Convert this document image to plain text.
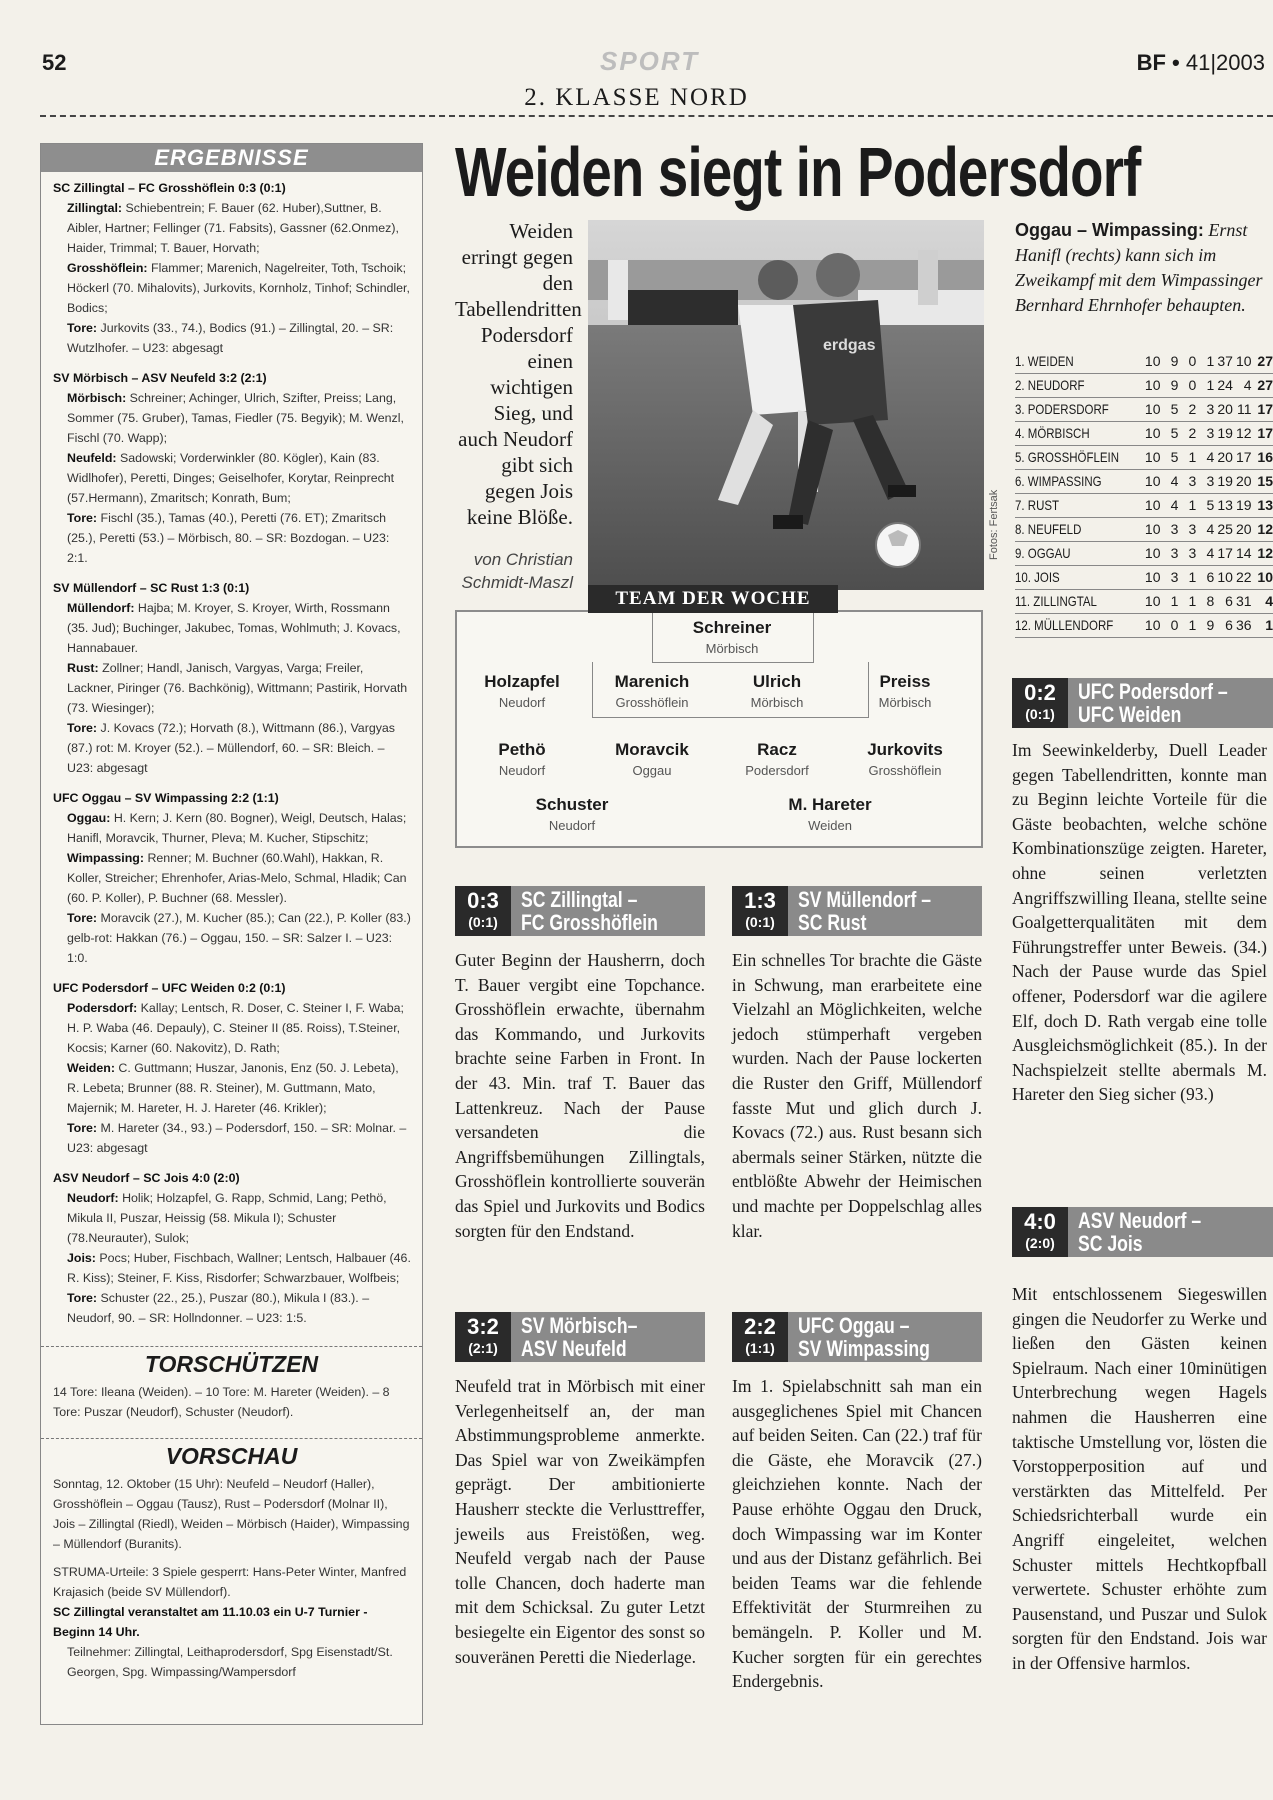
52	SPORT	BF • 41|2003
2. KLASSE NORD
ERGEBNISSE
SC Zillingtal – FC Grosshöflein 0:3 (0:1)
Zillingtal: Schiebentrein; F. Bauer (62. Huber),Suttner, B. Aibler, Hartner; Fellinger (71. Fabsits), Gassner (62.Onmez), Haider, Trimmal; T. Bauer, Horvath;
Grosshöflein: Flammer; Marenich, Nagelreiter, Toth, Tschoik; Höckerl (70. Mihalovits), Jurkovits, Kornholz, Tinhof; Schindler, Bodics;
Tore: Jurkovits (33., 74.), Bodics (91.) – Zillingtal, 20. – SR: Wutzlhofer. – U23: abgesagt
SV Mörbisch – ASV Neufeld 3:2 (2:1)
Mörbisch: Schreiner; Achinger, Ulrich, Szifter, Preiss; Lang, Sommer (75. Gruber), Tamas, Fiedler (75. Begyik); M. Wenzl, Fischl (70. Wapp);
Neufeld: Sadowski; Vorderwinkler (80. Kögler), Kain (83. Widlhofer), Peretti, Dinges; Geiselhofer, Korytar, Reinprecht (57.Hermann), Zmaritsch; Konrath, Bum;
Tore: Fischl (35.), Tamas (40.), Peretti (76. ET); Zmaritsch (25.), Peretti (53.) – Mörbisch, 80. – SR: Bozdogan. – U23: 2:1.
SV Müllendorf – SC Rust 1:3 (0:1)
Müllendorf: Hajba; M. Kroyer, S. Kroyer, Wirth, Rossmann (35. Jud); Buchinger, Jakubec, Tomas, Wohlmuth; J. Kovacs, Hannabauer.
Rust: Zollner; Handl, Janisch, Vargyas, Varga; Freiler, Lackner, Piringer (76. Bachkönig), Wittmann; Pastirik, Horvath (73. Wiesinger);
Tore: J. Kovacs (72.); Horvath (8.), Wittmann (86.), Vargyas (87.) rot: M. Kroyer (52.). – Müllendorf, 60. – SR: Bleich. – U23: abgesagt
UFC Oggau – SV Wimpassing 2:2 (1:1)
Oggau: H. Kern; J. Kern (80. Bogner), Weigl, Deutsch, Halas; Hanifl, Moravcik, Thurner, Pleva; M. Kucher, Stipschitz;
Wimpassing: Renner; M. Buchner (60.Wahl), Hakkan, R. Koller, Streicher; Ehrenhofer, Arias-Melo, Schmal, Hladik; Can (60. P. Koller), P. Buchner (68. Messler).
Tore: Moravcik (27.), M. Kucher (85.); Can (22.), P. Koller (83.) gelb-rot: Hakkan (76.) – Oggau, 150. – SR: Salzer I. – U23: 1:0.
UFC Podersdorf – UFC Weiden 0:2 (0:1)
Podersdorf: Kallay; Lentsch, R. Doser, C. Steiner I, F. Waba; H. P. Waba (46. Depauly), C. Steiner II (85. Roiss), T.Steiner, Kocsis; Karner (60. Nakovitz), D. Rath;
Weiden: C. Guttmann; Huszar, Janonis, Enz (50. J. Lebeta), R. Lebeta; Brunner (88. R. Steiner), M. Guttmann, Mato, Majernik; M. Hareter, H. J. Hareter (46. Krikler);
Tore: M. Hareter (34., 93.) – Podersdorf, 150. – SR: Molnar. – U23: abgesagt
ASV Neudorf – SC Jois 4:0 (2:0)
Neudorf: Holik; Holzapfel, G. Rapp, Schmid, Lang; Pethö, Mikula II, Puszar, Heissig (58. Mikula I); Schuster (78.Neurauter), Sulok;
Jois: Pocs; Huber, Fischbach, Wallner; Lentsch, Halbauer (46. R. Kiss); Steiner, F. Kiss, Risdorfer; Schwarzbauer, Wolfbeis;
Tore: Schuster (22., 25.), Puszar (80.), Mikula I (83.). – Neudorf, 90. – SR: Hollndonner. – U23: 1:5.
TORSCHÜTZEN

14 Tore: Ileana (Weiden). – 10 Tore: M. Hareter (Weiden). – 8 Tore: Puszar (Neudorf), Schuster (Neudorf).

VORSCHAU

Sonntag, 12. Oktober (15 Uhr): Neufeld – Neudorf (Haller), Grosshöflein – Oggau (Tausz), Rust – Podersdorf (Molnar II), Jois – Zillingtal (Riedl), Weiden – Mörbisch (Haider), Wimpassing – Müllendorf (Buranits).

STRUMA-Urteile: 3 Spiele gesperrt: Hans-Peter Winter, Manfred Krajasich (beide SV Müllendorf).

SC Zillingtal veranstaltet am 11.10.03 ein U-7 Turnier - Beginn 14 Uhr.

Teilnehmer: Zillingtal, Leithaprodersdorf, Spg Eisenstadt/St. Georgen, Spg. Wimpassing/Wampersdorf

Weiden siegt in Podersdorf
Weiden erringt gegen den Tabellendritten Podersdorf einen wichtigen Sieg, und auch Neudorf gibt sich gegen Jois keine Blöße.
von Christian Schmidt-Maszl
erdgas
Fotos: Fertsak
Schreiner
Mörbisch
Holzapfel
Neudorf
Marenich
Grosshöflein
Ulrich
Mörbisch
Preiss
Mörbisch
Pethö
Neudorf
Moravcik
Oggau
Racz
Podersdorf
Jurkovits
Grosshöflein
Schuster
Neudorf
M. Hareter
Weiden
TEAM DER WOCHE
0:3
(0:1)
SC Zillingtal –
FC Grosshöflein
Guter Beginn der Hausherrn, doch T. Bauer vergibt eine Topchance. Grosshöflein erwachte, übernahm das Kommando, und Jurkovits brachte seine Farben in Front. In der 43. Min. traf T. Bauer das Lattenkreuz. Nach der Pause versandeten die Angriffsbemühungen Zillingtals, Grosshöflein kontrollierte souverän das Spiel und Jurkovits und Bodics sorgten für den Endstand.
1:3
(0:1)
SV Müllendorf –
SC Rust
Ein schnelles Tor brachte die Gäste in Schwung, man erarbeitete eine Vielzahl an Möglichkeiten, welche jedoch stümperhaft vergeben wurden. Nach der Pause lockerten die Ruster den Griff, Müllendorf fasste Mut und glich durch J. Kovacs (72.) aus. Rust besann sich abermals seiner Stärken, nützte die entblößte Abwehr der Heimischen und machte per Doppelschlag alles klar.
3:2
(2:1)
SV Mörbisch–
ASV Neufeld
Neufeld trat in Mörbisch mit einer Verlegenheitself an, der man Abstimmungsprobleme anmerkte. Das Spiel war von Zweikämpfen geprägt. Der ambitionierte Hausherr steckte die Verlusttreffer, jeweils aus Freistößen, weg. Neufeld vergab nach der Pause tolle Chancen, doch haderte man mit dem Schicksal. Zu guter Letzt besiegelte ein Eigentor des sonst so souveränen Peretti die Niederlage.
2:2
(1:1)
UFC Oggau –
SV Wimpassing
Im 1. Spielabschnitt sah man ein ausgeglichenes Spiel mit Chancen auf beiden Seiten. Can (22.) traf für die Gäste, ehe Moravcik (27.) gleichziehen konnte. Nach der Pause erhöhte Oggau den Druck, doch Wimpassing war im Konter und aus der Distanz gefährlich. Bei beiden Teams war die fehlende Effektivität der Sturmreihen zu bemängeln. P. Koller und M. Kucher sorgten für ein gerechtes Endergebnis.
Oggau – Wimpassing: Ernst Hanifl (rechts) kann sich im Zweikampf mit dem Wimpassinger Bernhard Ehrnhofer behaupten.
1. WEIDEN	10	9	0	1	37	10	27
2. NEUDORF	10	9	0	1	24	4	27
3. PODERSDORF	10	5	2	3	20	11	17
4. MÖRBISCH	10	5	2	3	19	12	17
5. GROSSHÖFLEIN	10	5	1	4	20	17	16
6. WIMPASSING	10	4	3	3	19	20	15
7. RUST	10	4	1	5	13	19	13
8. NEUFELD	10	3	3	4	25	20	12
9. OGGAU	10	3	3	4	17	14	12
10. JOIS	10	3	1	6	10	22	10
11. ZILLINGTAL	10	1	1	8	6	31	4
12. MÜLLENDORF	10	0	1	9	6	36	1
0:2
(0:1)
UFC Podersdorf –
UFC Weiden
Im Seewinkelderby, Duell Leader gegen Tabellendritten, konnte man zu Beginn leichte Vorteile für die Gäste beobachten, welche schöne Kombinationszüge zeigten. Hareter, ohne seinen verletzten Angriffszwilling Ileana, stellte seine Goalgetterqualitäten mit dem Führungstreffer unter Beweis. (34.) Nach der Pause wurde das Spiel offener, Podersdorf war die agilere Elf, doch D. Rath vergab eine tolle Ausgleichsmöglichkeit (85.). In der Nachspielzeit stellte abermals M. Hareter den Sieg sicher (93.)
4:0
(2:0)
ASV Neudorf –
SC Jois
Mit entschlossenem Siegeswillen gingen die Neudorfer zu Werke und ließen den Gästen keinen Spielraum. Nach einer 10minütigen Unterbrechung wegen Hagels nahmen die Hausherren eine taktische Umstellung vor, lösten die Vorstopperposition auf und verstärkten das Mittelfeld. Per Schiedsrichterball wurde ein Angriff eingeleitet, welchen Schuster mittels Hechtkopfball verwertete. Schuster erhöhte zum Pausenstand, und Puszar und Sulok sorgten für den Endstand. Jois war in der Offensive harmlos.
